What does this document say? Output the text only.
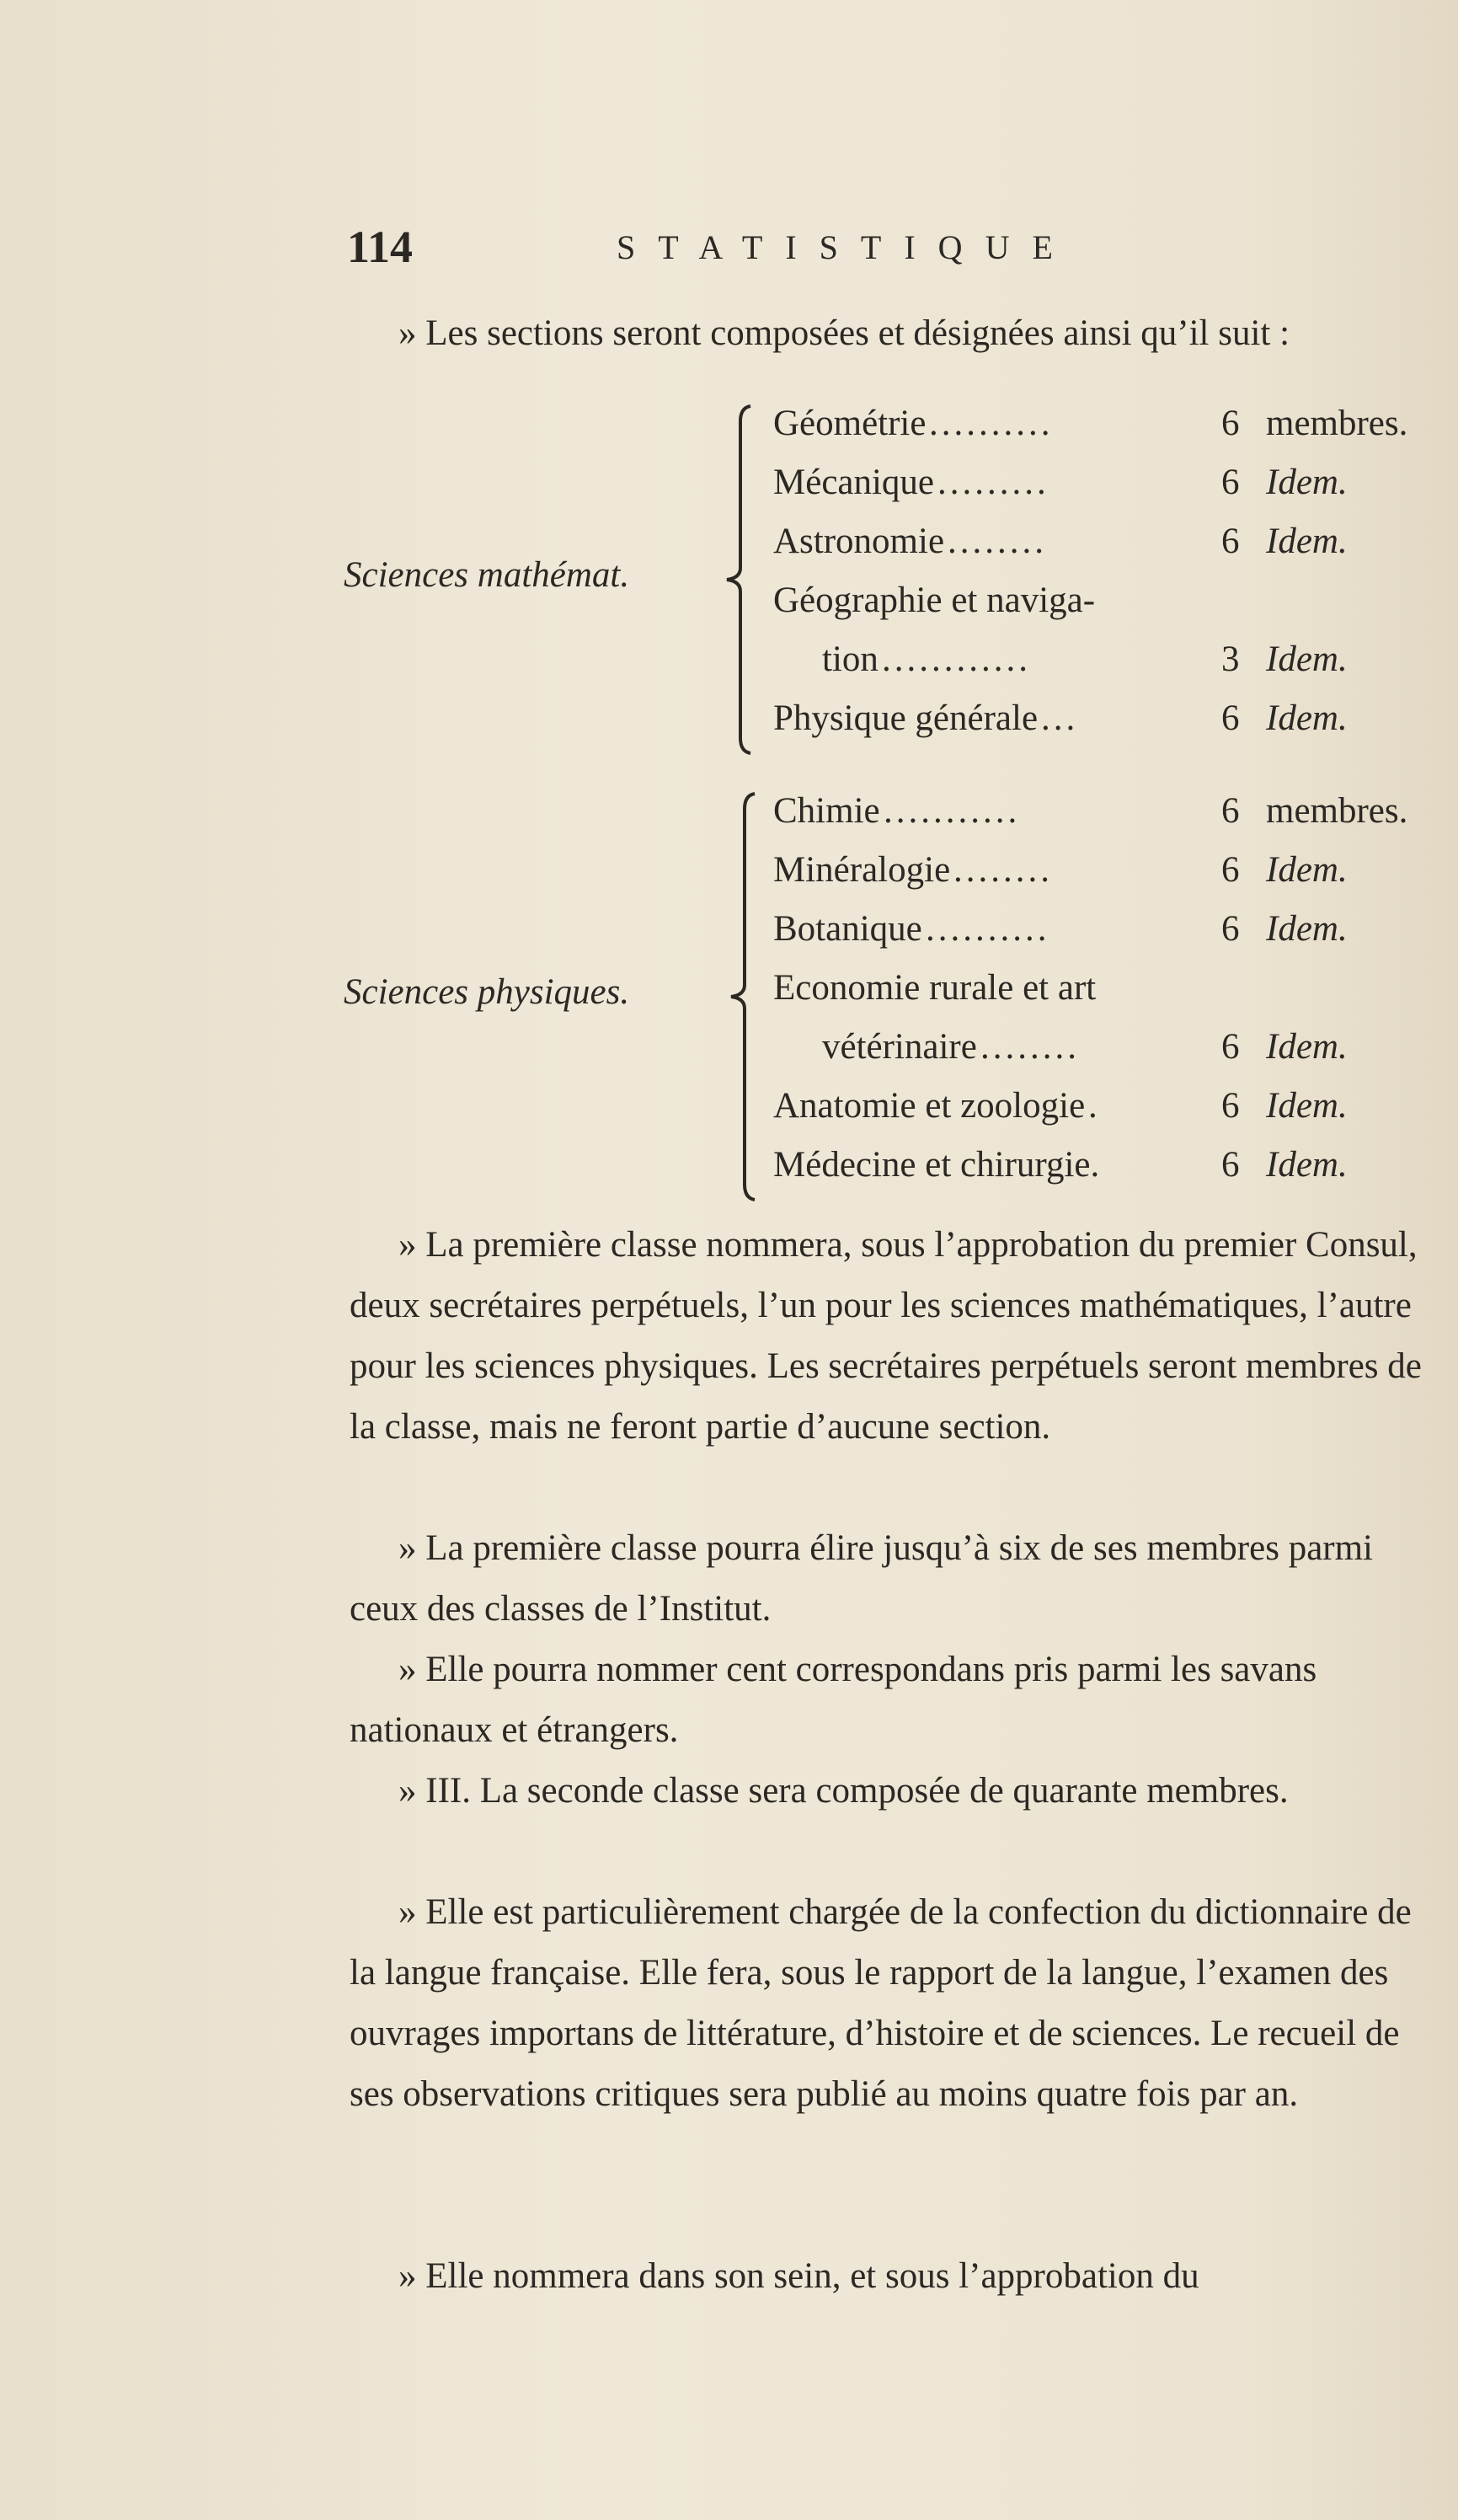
114	STATISTIQUE
» Les sections seront composées et désignées ainsi qu’il suit :
Sciences mathémat.
Géométrie ..........	6 membres.
Mécanique .........	6 Idem.
Astronomie ........	6 Idem.
Géographie et naviga-
tion ............	3 Idem.
Physique générale ...	6 Idem.
Sciences physiques.
Chimie ...........	6 membres.
Minéralogie ........	6 Idem.
Botanique ..........	6 Idem.
Economie rurale et art
vétérinaire ........	6 Idem.
Anatomie et zoologie .	6 Idem.
Médecine et chirurgie.	6 Idem.
» La première classe nommera, sous l’approbation du premier Consul, deux secrétaires perpétuels, l’un pour les sciences mathématiques, l’autre pour les sciences physiques. Les secrétaires perpétuels seront membres de la classe, mais ne feront partie d’aucune section.
» La première classe pourra élire jusqu’à six de ses membres parmi ceux des classes de l’Institut.
» Elle pourra nommer cent correspondans pris parmi les savans nationaux et étrangers.
» III. La seconde classe sera composée de quarante membres.
» Elle est particulièrement chargée de la confection du dictionnaire de la langue française. Elle fera, sous le rapport de la langue, l’examen des ouvrages importans de littérature, d’histoire et de sciences. Le recueil de ses observations critiques sera publié au moins quatre fois par an.
» Elle nommera dans son sein, et sous l’approbation du
